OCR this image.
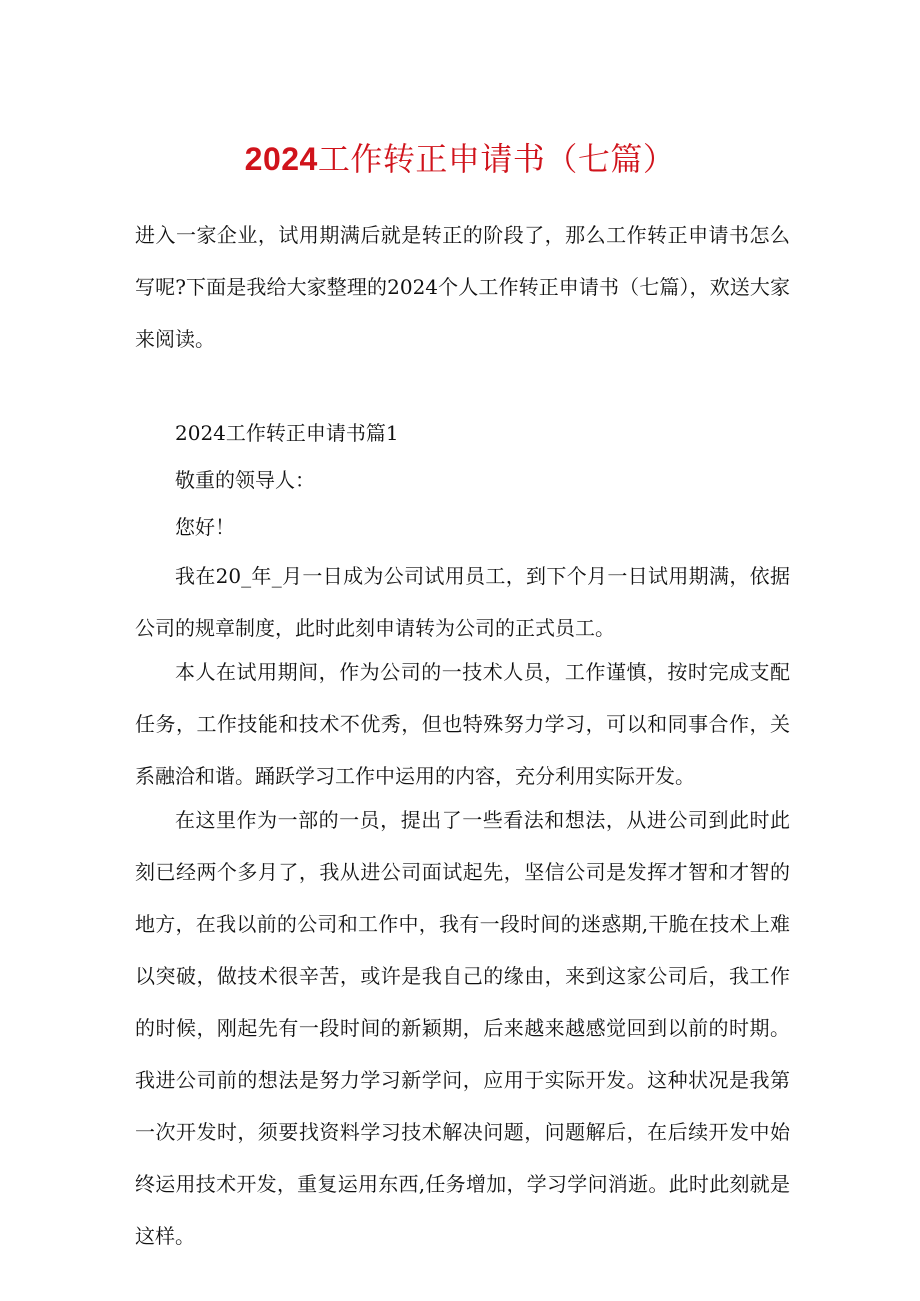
2024工作转正申请书（七篇）

进入一家企业，试用期满后就是转正的阶段了，那么工作转正申请书怎么写呢?下面是我给大家整理的2024个人工作转正申请书（七篇），欢送大家来阅读。

2024工作转正申请书篇1

敬重的领导人：

您好！

我在20_年_月一日成为公司试用员工，到下个月一日试用期满，依据公司的规章制度，此时此刻申请转为公司的正式员工。

本人在试用期间，作为公司的一技术人员，工作谨慎，按时完成支配任务，工作技能和技术不优秀，但也特殊努力学习，可以和同事合作，关系融洽和谐。踊跃学习工作中运用的内容，充分利用实际开发。

在这里作为一部的一员，提出了一些看法和想法，从进公司到此时此刻已经两个多月了，我从进公司面试起先，坚信公司是发挥才智和才智的地方，在我以前的公司和工作中，我有一段时间的迷惑期,干脆在技术上难以突破，做技术很辛苦，或许是我自己的缘由，来到这家公司后，我工作的时候，刚起先有一段时间的新颖期，后来越来越感觉回到以前的时期。我进公司前的想法是努力学习新学问，应用于实际开发。这种状况是我第一次开发时，须要找资料学习技术解决问题，问题解后，在后续开发中始终运用技术开发，重复运用东西,任务增加，学习学问消逝。此时此刻就是这样。
